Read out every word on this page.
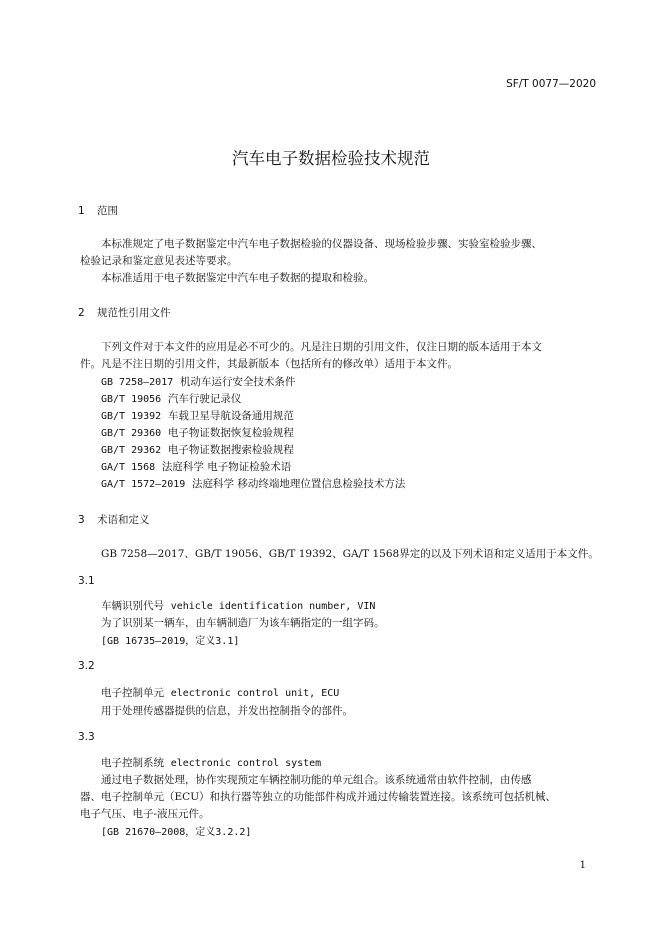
SF/T 0077—2020
汽车电子数据检验技术规范
1 范围
本标准规定了电子数据鉴定中汽车电子数据检验的仪器设备、现场检验步骤、实验室检验步骤、
检验记录和鉴定意见表述等要求。
本标准适用于电子数据鉴定中汽车电子数据的提取和检验。
2 规范性引用文件
下列文件对于本文件的应用是必不可少的。凡是注日期的引用文件，仅注日期的版本适用于本文
件。凡是不注日期的引用文件，其最新版本（包括所有的修改单）适用于本文件。
GB 7258—2017 机动车运行安全技术条件
GB/T 19056 汽车行驶记录仪
GB/T 19392 车载卫星导航设备通用规范
GB/T 29360 电子物证数据恢复检验规程
GB/T 29362 电子物证数据搜索检验规程
GA/T 1568 法庭科学 电子物证检验术语
GA/T 1572—2019 法庭科学 移动终端地理位置信息检验技术方法
3 术语和定义
GB 7258—2017、GB/T 19056、GB/T 19392、GA/T 1568界定的以及下列术语和定义适用于本文件。
3.1
车辆识别代号 vehicle identification number, VIN
为了识别某一辆车，由车辆制造厂为该车辆指定的一组字码。
[GB 16735—2019，定义3.1]
3.2
电子控制单元 electronic control unit, ECU
用于处理传感器提供的信息，并发出控制指令的部件。
3.3
电子控制系统 electronic control system
通过电子数据处理，协作实现预定车辆控制功能的单元组合。该系统通常由软件控制，由传感
器、电子控制单元（ECU）和执行器等独立的功能部件构成并通过传输装置连接。该系统可包括机械、
电子气压、电子-液压元件。
[GB 21670—2008，定义3.2.2]
1
